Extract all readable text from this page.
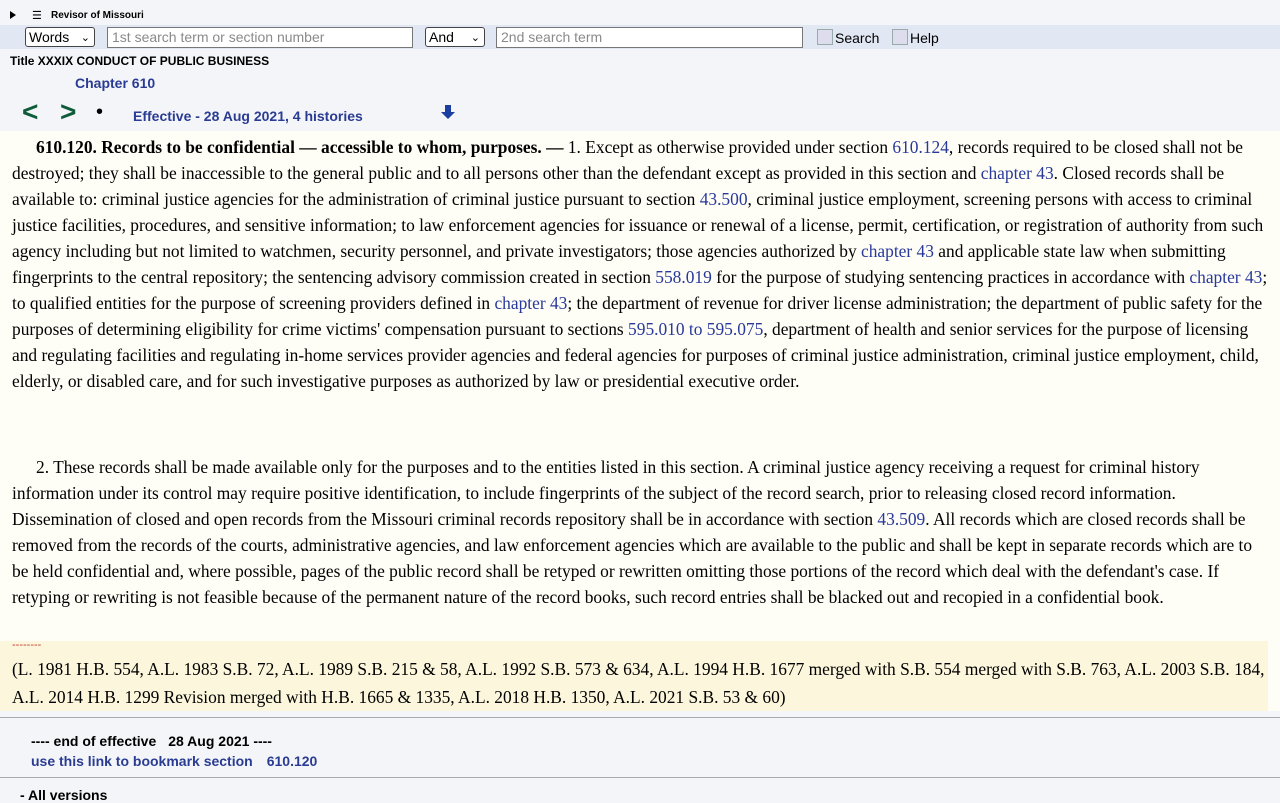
☰ Revisor of Missouri
Words ⌄	1st search term or section number	And ⌄	2nd search term	Search	Help
Title XXXIX CONDUCT OF PUBLIC BUSINESS
Chapter 610
< > • Effective - 28 Aug 2021, 4 histories
610.120. Records to be confidential — accessible to whom, purposes. — 1. Except as otherwise provided under section 610.124, records required to be closed shall not be destroyed; they shall be inaccessible to the general public and to all persons other than the defendant except as provided in this section and chapter 43. Closed records shall be available to: criminal justice agencies for the administration of criminal justice pursuant to section 43.500, criminal justice employment, screening persons with access to criminal justice facilities, procedures, and sensitive information; to law enforcement agencies for issuance or renewal of a license, permit, certification, or registration of authority from such agency including but not limited to watchmen, security personnel, and private investigators; those agencies authorized by chapter 43 and applicable state law when submitting fingerprints to the central repository; the sentencing advisory commission created in section 558.019 for the purpose of studying sentencing practices in accordance with chapter 43; to qualified entities for the purpose of screening providers defined in chapter 43; the department of revenue for driver license administration; the department of public safety for the purposes of determining eligibility for crime victims' compensation pursuant to sections 595.010 to 595.075, department of health and senior services for the purpose of licensing and regulating facilities and regulating in-home services provider agencies and federal agencies for purposes of criminal justice administration, criminal justice employment, child, elderly, or disabled care, and for such investigative purposes as authorized by law or presidential executive order.
2. These records shall be made available only for the purposes and to the entities listed in this section. A criminal justice agency receiving a request for criminal history information under its control may require positive identification, to include fingerprints of the subject of the record search, prior to releasing closed record information. Dissemination of closed and open records from the Missouri criminal records repository shall be in accordance with section 43.509. All records which are closed records shall be removed from the records of the courts, administrative agencies, and law enforcement agencies which are available to the public and shall be kept in separate records which are to be held confidential and, where possible, pages of the public record shall be retyped or rewritten omitting those portions of the record which deal with the defendant's case. If retyping or rewriting is not feasible because of the permanent nature of the record books, such record entries shall be blacked out and recopied in a confidential book.
(L. 1981 H.B. 554, A.L. 1983 S.B. 72, A.L. 1989 S.B. 215 & 58, A.L. 1992 S.B. 573 & 634, A.L. 1994 H.B. 1677 merged with S.B. 554 merged with S.B. 763, A.L. 2003 S.B. 184, A.L. 2014 H.B. 1299 Revision merged with H.B. 1665 & 1335, A.L. 2018 H.B. 1350, A.L. 2021 S.B. 53 & 60)
--------
---- end of effective 28 Aug 2021 ----
use this link to bookmark section 610.120
- All versions
